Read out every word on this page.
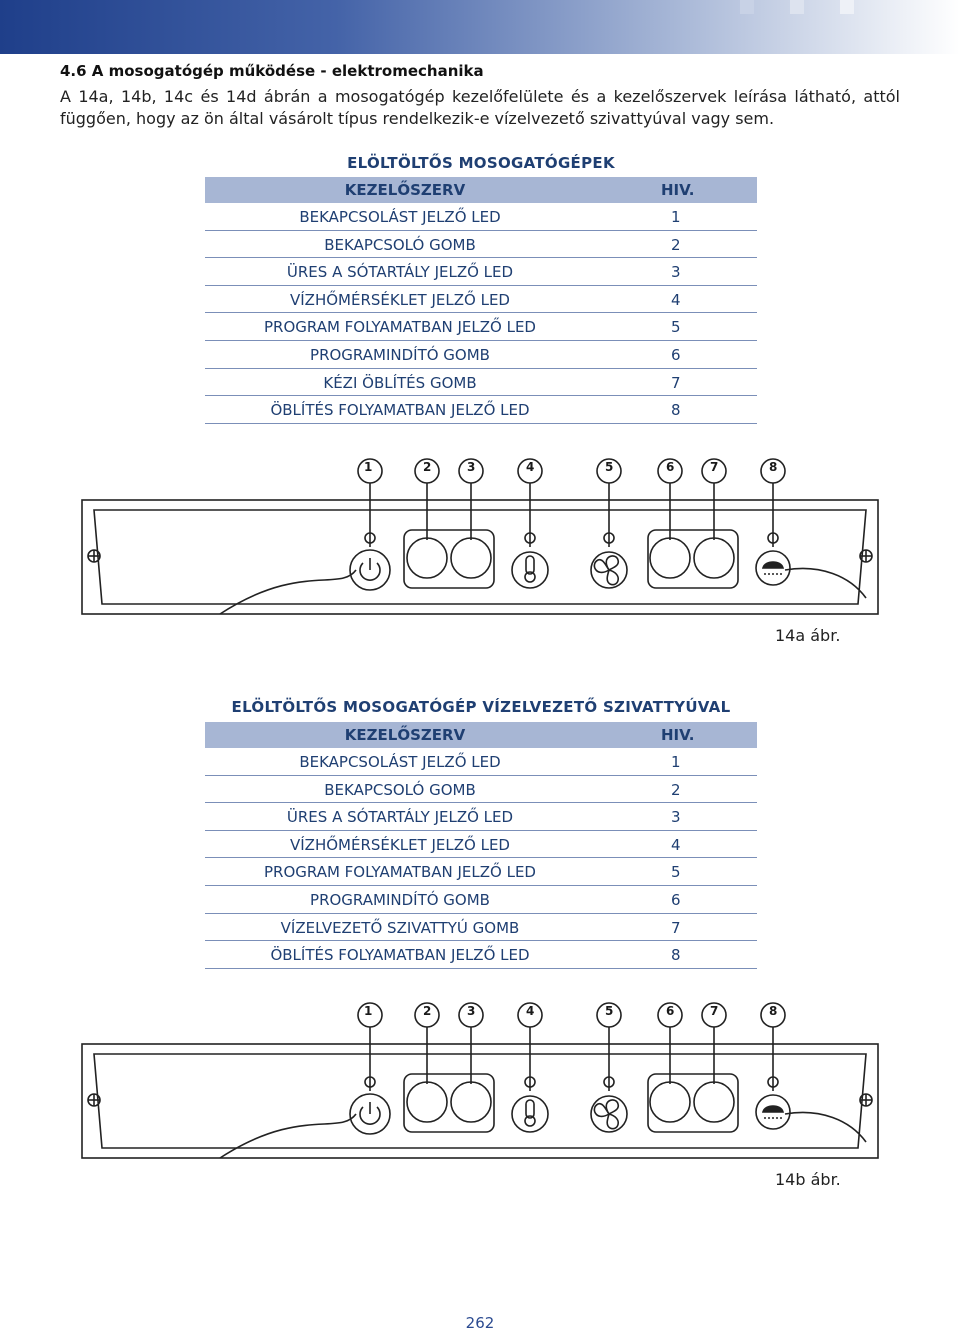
4.6 A mosogatógép működése - elektromechanika
A 14a, 14b, 14c és 14d ábrán a mosogatógép kezelőfelülete és a kezelőszervek leírása látható, attól függően, hogy az ön által vásárolt típus rendelkezik-e vízelvezető szivattyúval vagy sem.
ELÖLTÖLTŐS MOSOGATÓGÉPEK
KEZELŐSZERV	HIV.
BEKAPCSOLÁST JELZŐ LED	1
BEKAPCSOLÓ GOMB	2
ÜRES A SÓTARTÁLY JELZŐ LED	3
VÍZHŐMÉRSÉKLET JELZŐ LED	4
PROGRAM FOLYAMATBAN JELZŐ LED	5
PROGRAMINDÍTÓ GOMB	6
KÉZI ÖBLÍTÉS GOMB	7
ÖBLÍTÉS FOLYAMATBAN JELZŐ LED	8
1	2	3	4	5	6	7	8
14a ábr.
ELÖLTÖLTŐS MOSOGATÓGÉP VÍZELVEZETŐ SZIVATTYÚVAL
KEZELŐSZERV	HIV.
BEKAPCSOLÁST JELZŐ LED	1
BEKAPCSOLÓ GOMB	2
ÜRES A SÓTARTÁLY JELZŐ LED	3
VÍZHŐMÉRSÉKLET JELZŐ LED	4
PROGRAM FOLYAMATBAN JELZŐ LED	5
PROGRAMINDÍTÓ GOMB	6
VÍZELVEZETŐ SZIVATTYÚ GOMB	7
ÖBLÍTÉS FOLYAMATBAN JELZŐ LED	8
1	2	3	4	5	6	7	8
14b ábr.
262
